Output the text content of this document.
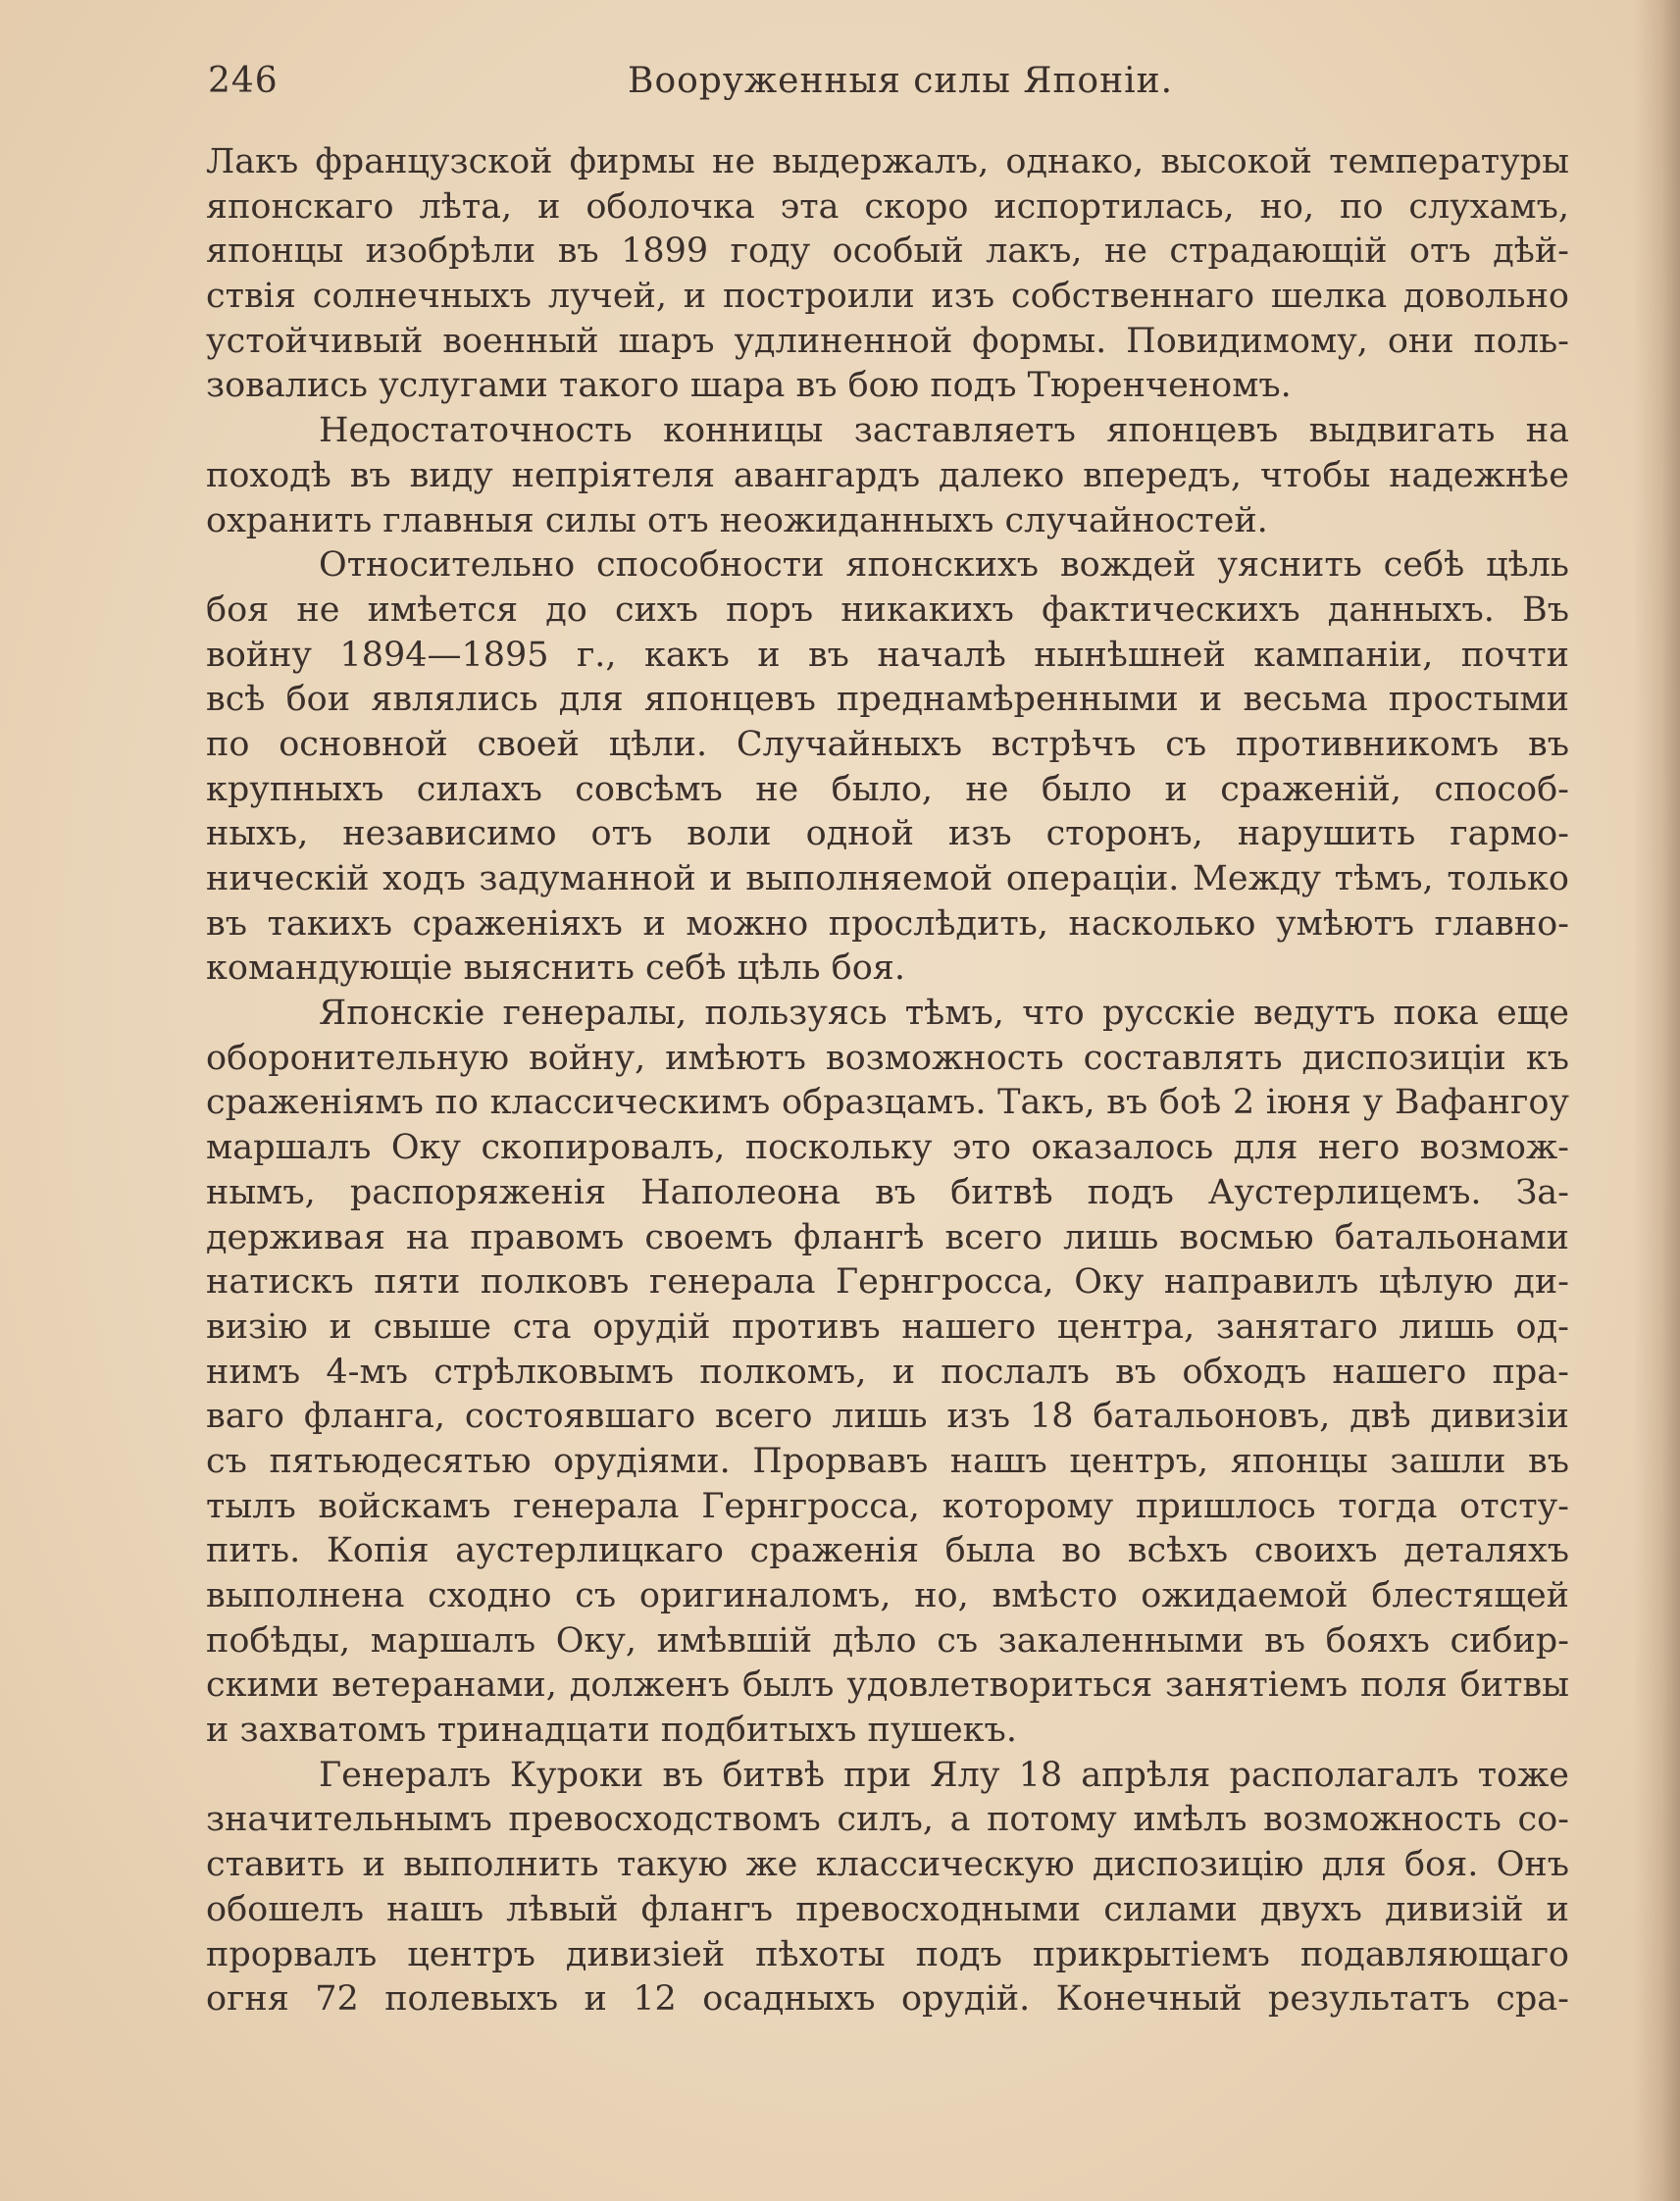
246	Вооруженныя силы Японіи.
Лакъ французской фирмы не выдержалъ, однако, высокой температуры
японскаго лѣта, и оболочка эта скоро испортилась, но, по слухамъ,
японцы изобрѣли въ 1899 году особый лакъ, не страдающій отъ дѣй-
ствія солнечныхъ лучей, и построили изъ собственнаго шелка довольно
устойчивый военный шаръ удлиненной формы. Повидимому, они поль-
зовались услугами такого шара въ бою подъ Тюренченомъ.
Недостаточность конницы заставляетъ японцевъ выдвигать на
походѣ въ виду непріятеля авангардъ далеко впередъ, чтобы надежнѣе
охранить главныя силы отъ неожиданныхъ случайностей.
Относительно способности японскихъ вождей уяснить себѣ цѣль
боя не имѣется до сихъ поръ никакихъ фактическихъ данныхъ. Въ
войну 1894—1895 г., какъ и въ началѣ нынѣшней кампаніи, почти
всѣ бои являлись для японцевъ преднамѣренными и весьма простыми
по основной своей цѣли. Случайныхъ встрѣчъ съ противникомъ въ
крупныхъ силахъ совсѣмъ не было, не было и сраженій, способ-
ныхъ, независимо отъ воли одной изъ сторонъ, нарушить гармо-
ническій ходъ задуманной и выполняемой операціи. Между тѣмъ, только
въ такихъ сраженіяхъ и можно прослѣдить, насколько умѣютъ главно-
командующіе выяснить себѣ цѣль боя.
Японскіе генералы, пользуясь тѣмъ, что русскіе ведутъ пока еще
оборонительную войну, имѣютъ возможность составлять диспозиціи къ
сраженіямъ по классическимъ образцамъ. Такъ, въ боѣ 2 іюня у Вафангоу
маршалъ Оку скопировалъ, поскольку это оказалось для него возмож-
нымъ, распоряженія Наполеона въ битвѣ подъ Аустерлицемъ. За-
держивая на правомъ своемъ флангѣ всего лишь восмью батальонами
натискъ пяти полковъ генерала Гернгросса, Оку направилъ цѣлую ди-
визію и свыше ста орудій противъ нашего центра, занятаго лишь од-
нимъ 4-мъ стрѣлковымъ полкомъ, и послалъ въ обходъ нашего пра-
ваго фланга, состоявшаго всего лишь изъ 18 батальоновъ, двѣ дивизіи
съ пятьюдесятью орудіями. Прорвавъ нашъ центръ, японцы зашли въ
тылъ войскамъ генерала Гернгросса, которому пришлось тогда отсту-
пить. Копія аустерлицкаго сраженія была во всѣхъ своихъ деталяхъ
выполнена сходно съ оригиналомъ, но, вмѣсто ожидаемой блестящей
побѣды, маршалъ Оку, имѣвшій дѣло съ закаленными въ бояхъ сибир-
скими ветеранами, долженъ былъ удовлетвориться занятіемъ поля битвы
и захватомъ тринадцати подбитыхъ пушекъ.
Генералъ Куроки въ битвѣ при Ялу 18 апрѣля располагалъ тоже
значительнымъ превосходствомъ силъ, а потому имѣлъ возможность со-
ставить и выполнить такую же классическую диспозицію для боя. Онъ
обошелъ нашъ лѣвый флангъ превосходными силами двухъ дивизій и
прорвалъ центръ дивизіей пѣхоты подъ прикрытіемъ подавляющаго
огня 72 полевыхъ и 12 осадныхъ орудій. Конечный результатъ сра-
